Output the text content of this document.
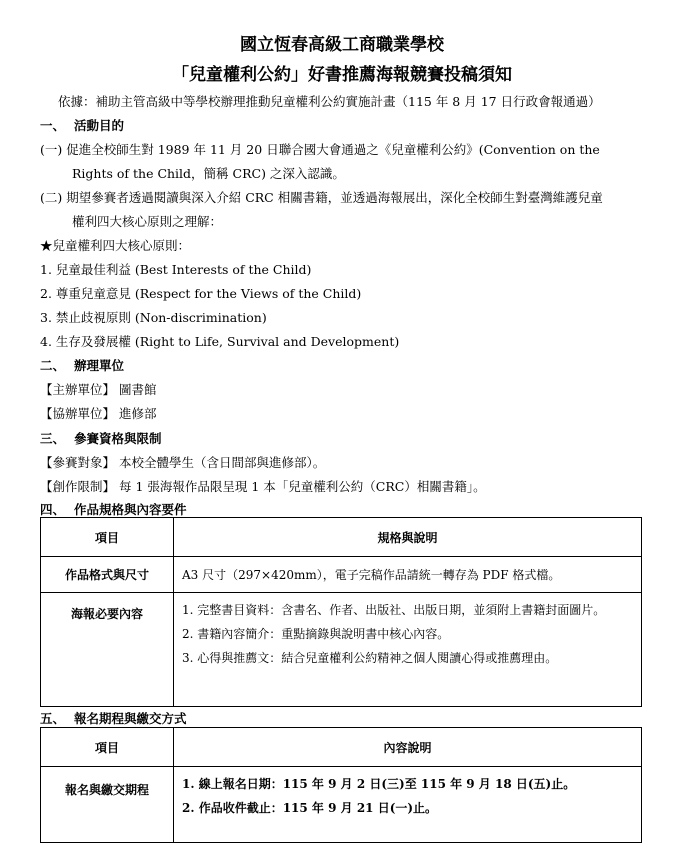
國立恆春高級工商職業學校
「兒童權利公約」好書推薦海報競賽投稿須知
依據：補助主管高級中等學校辦理推動兒童權利公約實施計畫（115 年 8 月 17 日行政會報通過）
一、 活動目的
(一) 促進全校師生對 1989 年 11 月 20 日聯合國大會通過之《兒童權利公約》(Convention on the
Rights of the Child，簡稱 CRC) 之深入認識。
(二) 期望參賽者透過閱讀與深入介紹 CRC 相關書籍，並透過海報展出，深化全校師生對臺灣維護兒童
權利四大核心原則之理解：
★兒童權利四大核心原則：
1. 兒童最佳利益 (Best Interests of the Child)
2. 尊重兒童意見 (Respect for the Views of the Child)
3. 禁止歧視原則 (Non-discrimination)
4. 生存及發展權 (Right to Life, Survival and Development)
二、 辦理單位
【主辦單位】 圖書館
【協辦單位】 進修部
三、 參賽資格與限制
【參賽對象】 本校全體學生（含日間部與進修部）。
【創作限制】 每 1 張海報作品限呈現 1 本「兒童權利公約（CRC）相關書籍」。
四、 作品規格與內容要件
項目	規格與說明
作品格式與尺寸	A3 尺寸（297×420mm），電子完稿作品請統一轉存為 PDF 格式檔。
海報必要內容	1. 完整書目資料：含書名、作者、出版社、出版日期，並須附上書籍封面圖片。
2. 書籍內容簡介：重點摘錄與說明書中核心內容。
3. 心得與推薦文：結合兒童權利公約精神之個人閱讀心得或推薦理由。
五、 報名期程與繳交方式
項目	內容說明
報名與繳交期程	1. 線上報名日期：115 年 9 月 2 日(三)至 115 年 9 月 18 日(五)止。
2. 作品收件截止：115 年 9 月 21 日(一)止。
